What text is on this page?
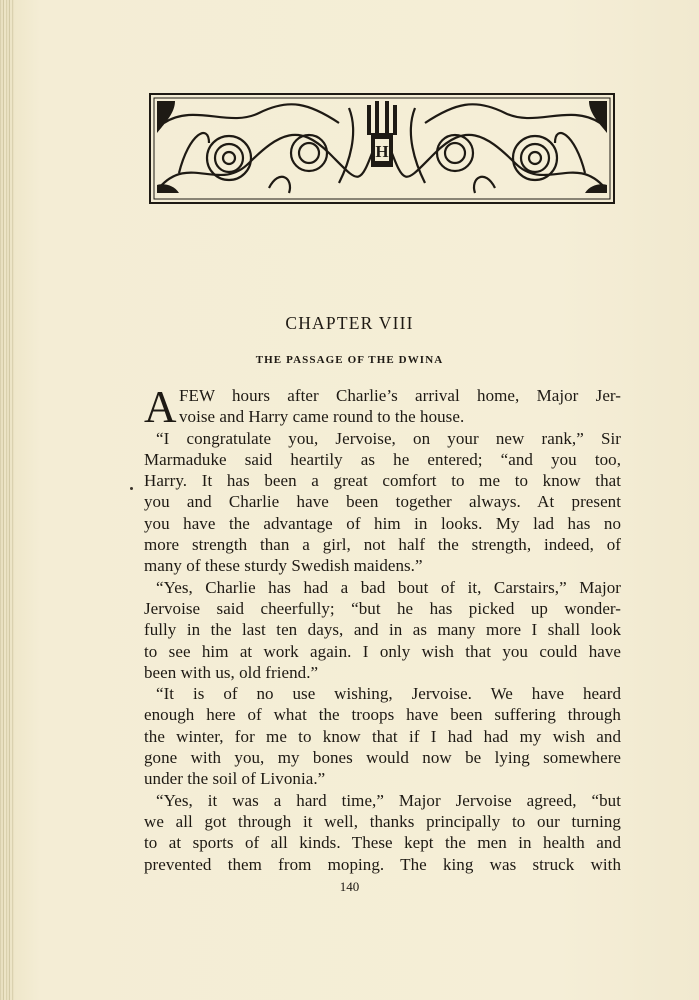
H
CHAPTER VIII
THE PASSAGE OF THE DWINA
A FEW hours after Charlie’s arrival home, Major Jer-
voise and Harry came round to the house.
“I congratulate you, Jervoise, on your new rank,” Sir
Marmaduke said heartily as he entered; “and you too,
Harry. It has been a great comfort to me to know that
you and Charlie have been together always. At present
you have the advantage of him in looks. My lad has no
more strength than a girl, not half the strength, indeed, of
many of these sturdy Swedish maidens.”
“Yes, Charlie has had a bad bout of it, Carstairs,” Major
Jervoise said cheerfully; “but he has picked up wonder-
fully in the last ten days, and in as many more I shall look
to see him at work again. I only wish that you could have
been with us, old friend.”
“It is of no use wishing, Jervoise. We have heard
enough here of what the troops have been suffering through
the winter, for me to know that if I had had my wish and
gone with you, my bones would now be lying somewhere
under the soil of Livonia.”
“Yes, it was a hard time,” Major Jervoise agreed, “but
we all got through it well, thanks principally to our turning
to at sports of all kinds. These kept the men in health and
prevented them from moping. The king was struck with
140
